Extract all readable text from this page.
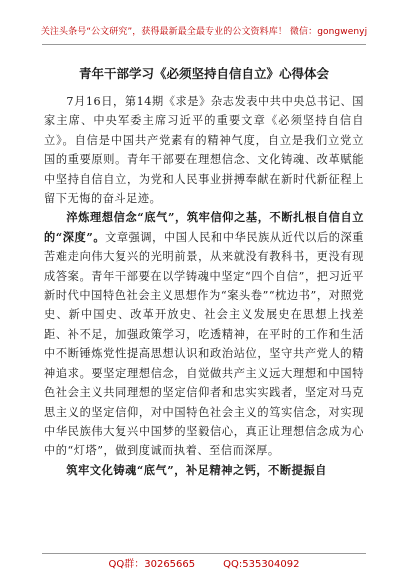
关注头条号“公文研究”，获得最新最全最专业的公文资料库！ 微信：gongwenyj
青年干部学习《必须坚持自信自立》心得体会

7月16日，第14期《求是》杂志发表中共中央总书记、国家主席、中央军委主席习近平的重要文章《必须坚持自信自立》。自信是中国共产党素有的精神气度，自立是我们立党立国的重要原则。青年干部要在理想信念、文化铸魂、改革赋能中坚持自信自立，为党和人民事业拼搏奉献在新时代新征程上留下无悔的奋斗足迹。

淬炼理想信念“底气”，筑牢信仰之基，不断扎根自信自立的“深度”。文章强调，中国人民和中华民族从近代以后的深重苦难走向伟大复兴的光明前景，从来就没有教科书，更没有现成答案。青年干部要在以学铸魂中坚定“四个自信”，把习近平新时代中国特色社会主义思想作为“案头卷”“枕边书”，对照党史、新中国史、改革开放史、社会主义发展史在思想上找差距、补不足，加强政策学习，吃透精神，在平时的工作和生活中不断锤炼党性提高思想认识和政治站位，坚守共产党人的精神追求。要坚定理想信念，自觉做共产主义远大理想和中国特色社会主义共同理想的坚定信仰者和忠实实践者，坚定对马克思主义的坚定信仰，对中国特色社会主义的笃实信念，对实现中华民族伟大复兴中国梦的坚毅信心，真正让理想信念成为心中的“灯塔”，做到度诚而执着、至信而深厚。

筑牢文化铸魂“底气”，补足精神之钙，不断提振自

QQ群：30265665	QQ:535304092
